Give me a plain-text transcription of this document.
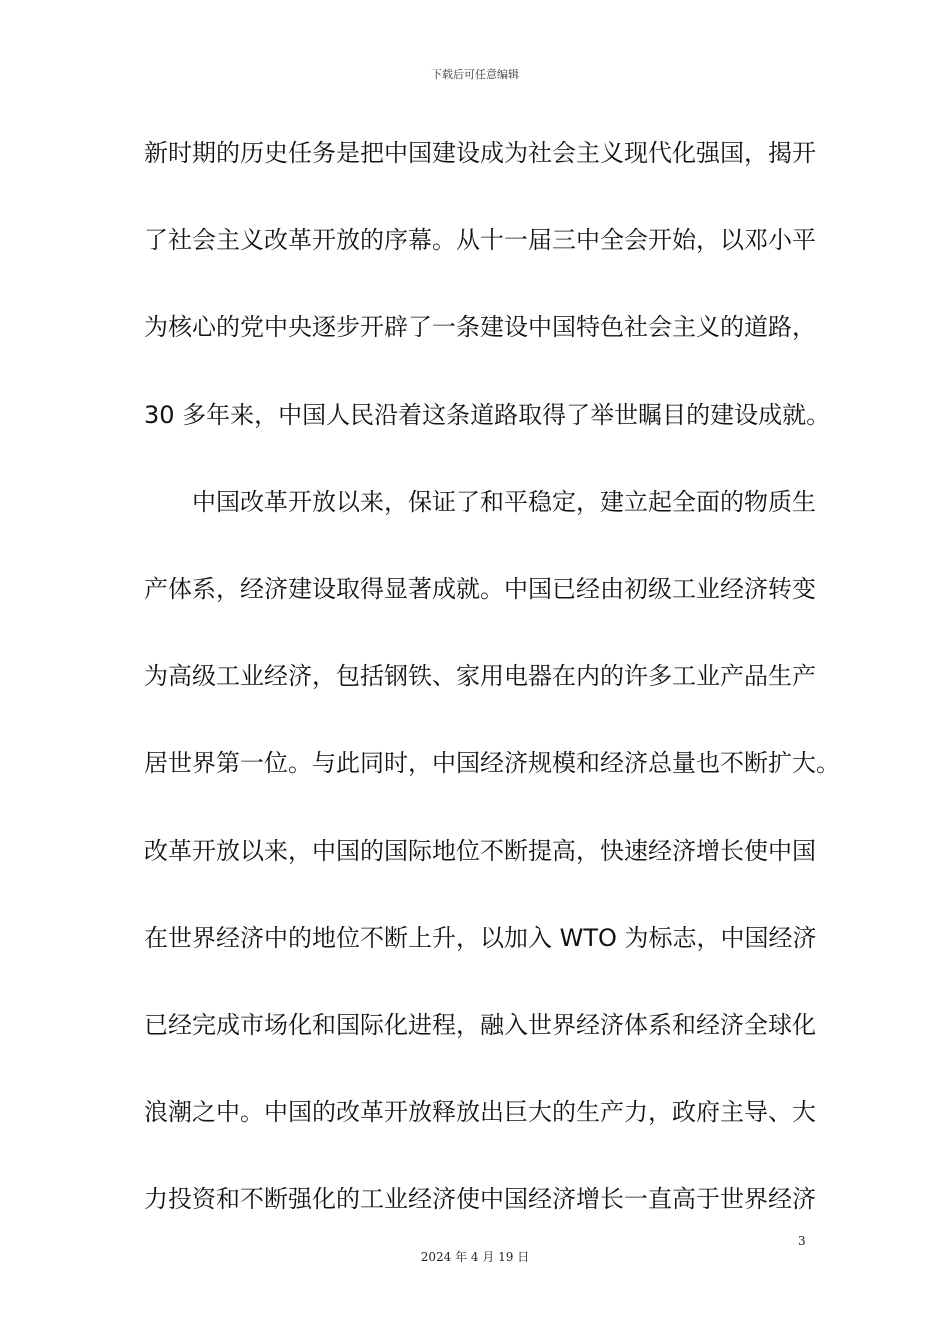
下载后可任意编辑
新时期的历史任务是把中国建设成为社会主义现代化强国，揭开
了社会主义改革开放的序幕。从十一届三中全会开始，以邓小平
为核心的党中央逐步开辟了一条建设中国特色社会主义的道路，
30 多年来，中国人民沿着这条道路取得了举世瞩目的建设成就。
中国改革开放以来，保证了和平稳定，建立起全面的物质生
产体系，经济建设取得显著成就。中国已经由初级工业经济转变
为高级工业经济，包括钢铁、家用电器在内的许多工业产品生产
居世界第一位。与此同时，中国经济规模和经济总量也不断扩大。
改革开放以来，中国的国际地位不断提高，快速经济增长使中国
在世界经济中的地位不断上升，以加入 WTO 为标志，中国经济
已经完成市场化和国际化进程，融入世界经济体系和经济全球化
浪潮之中。中国的改革开放释放出巨大的生产力，政府主导、大
力投资和不断强化的工业经济使中国经济增长一直高于世界经济
3
2024 年 4 月 19 日
